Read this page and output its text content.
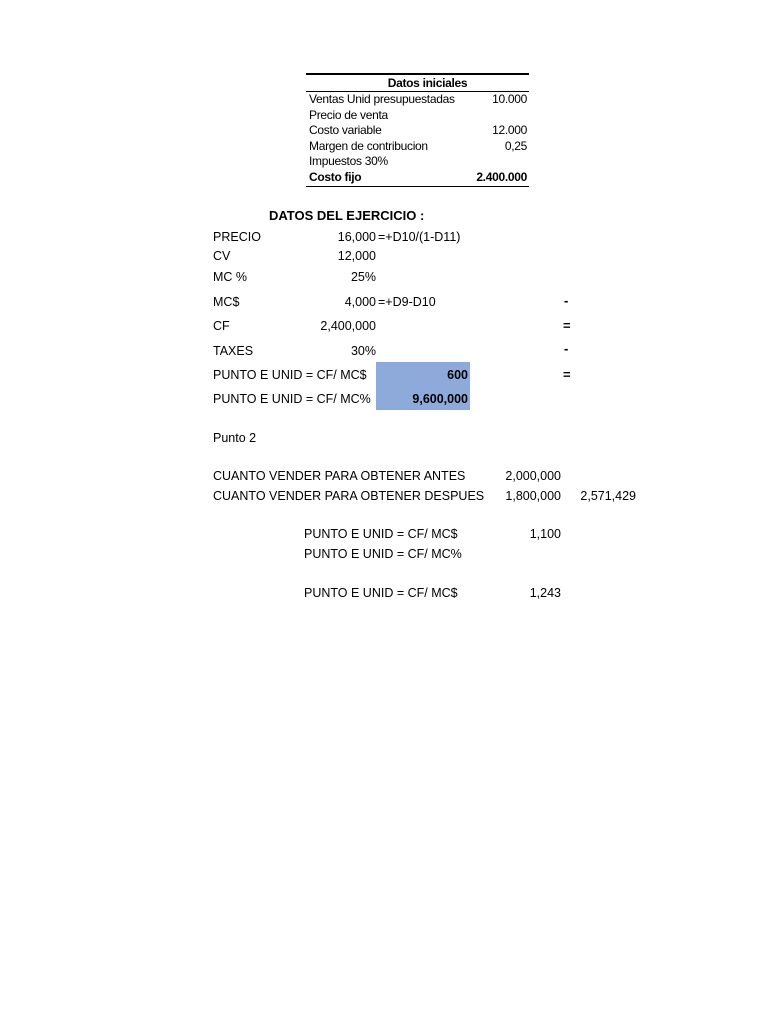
Datos iniciales
Ventas Unid presupuestadas	10.000
Precio de venta
Costo variable	12.000
Margen de contribucion	0,25
Impuestos 30%
Costo fijo	2.400.000
DATOS DEL EJERCICIO :
PRECIO	16,000 =+D10/(1-D11)
CV	12,000
MC %	25%
MC$	4,000 =+D9-D10	-
CF	2,400,000	=
TAXES	30%	-
PUNTO E UNID = CF/ MC$	600	=
PUNTO E UNID = CF/ MC%	9,600,000
Punto 2
CUANTO VENDER PARA OBTENER ANTES	2,000,000
CUANTO VENDER PARA OBTENER DESPUES 1,800,000 2,571,429
PUNTO E UNID = CF/ MC$	1,100
PUNTO E UNID = CF/ MC%
PUNTO E UNID = CF/ MC$	1,243
